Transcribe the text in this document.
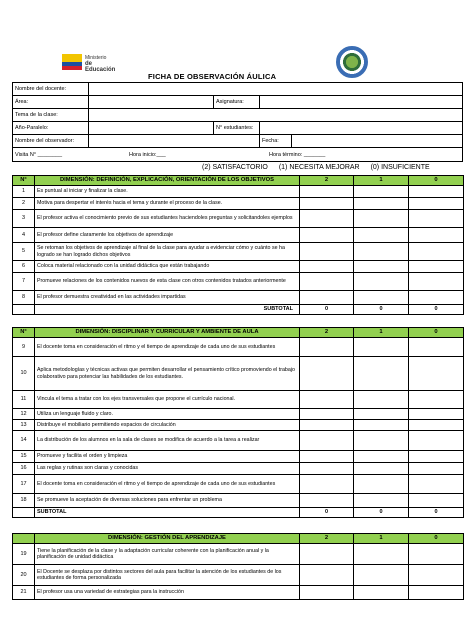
Ministerio
de Educación
FICHA DE OBSERVACIÓN ÁULICA
Nombre del docente:
Área:	Asignatura:
Tema de la clase:
Año-Paralelo:	N° estudiantes:
Nombre del observador:	Fecha:
Visita N° ________	Hora inicio:___	Hora término: _______
(2) SATISFACTORIO (1) NECESITA MEJORAR (0) INSUFICIENTE
N°	DIMENSIÓN: DEFINICIÓN, EXPLICACIÓN, ORIENTACIÓN DE LOS OBJETIVOS	2	1	0
1	Es puntual al iniciar y finalizar la clase.			
2	Motiva para despertar el interés hacia el tema y durante el proceso de la clase.			
3	El profesor activa el conocimiento previo de sus estudiantes haciendoles preguntas y solicitandoles ejemplos			
4	El profesor define claramente los objetivos de aprendizaje			
5	Se retoman los objetivos de aprendizaje al final de la clase para ayudar a evidenciar cómo y cuánto se ha logrado se han logrado dichos objetivos			
6	Coloca material relacionado con la unidad didáctica que están trabajando			
7	Promueve relaciones de los contenidos nuevos de esta clase con otros contenidos tratados anteriormente			
8	El profesor demuestra creatividad en las actividades impartidas			
	SUBTOTAL	0	0	0
N°	DIMENSIÓN: DISCIPLINAR Y CURRICULAR Y AMBIENTE DE AULA	2	1	0
9	El docente toma en consideración el ritmo y el tiempo de aprendizaje de cada uno de sus estudiantes			
10	Aplica metodologías y técnicas activas que permiten desarrollar el pensamiento crítico promoviendo el trabajo colaborativo para potenciar las habilidades de los estudiantes.			
11	Vincula el tema a tratar con los ejes transversales que propone el currículo nacional.			
12	Utiliza un lenguaje fluido y claro.			
13	Distribuye el mobiliario permitiendo espacios de circulación			
14	La distribución de los alumnos en la sala de clases se modifica de acuerdo a la tarea a realizar			
15	Promueve y facilita el orden y limpieza			
16	Las reglas y rutinas son claras y conocidas			
17	El docente toma en consideración el ritmo y el tiempo de aprendizaje de cada uno de sus estudiantes			
18	Se promueve la aceptación de diversas soluciones para enfrentar un problema			
	SUBTOTAL	0	0	0
	DIMENSIÓN: GESTIÓN DEL APRENDIZAJE	2	1	0
19	Tiene la planificación de la clase y la adaptación curricular coherente con la planificación anual y la planificación de unidad didáctica			
20	El Docente se desplaza por distintos sectores del aula para facilitar la atención de los estudiantes de los estudiantes de forma personalizada			
21	El profesor usa una variedad de estrategias para la instrucción			
